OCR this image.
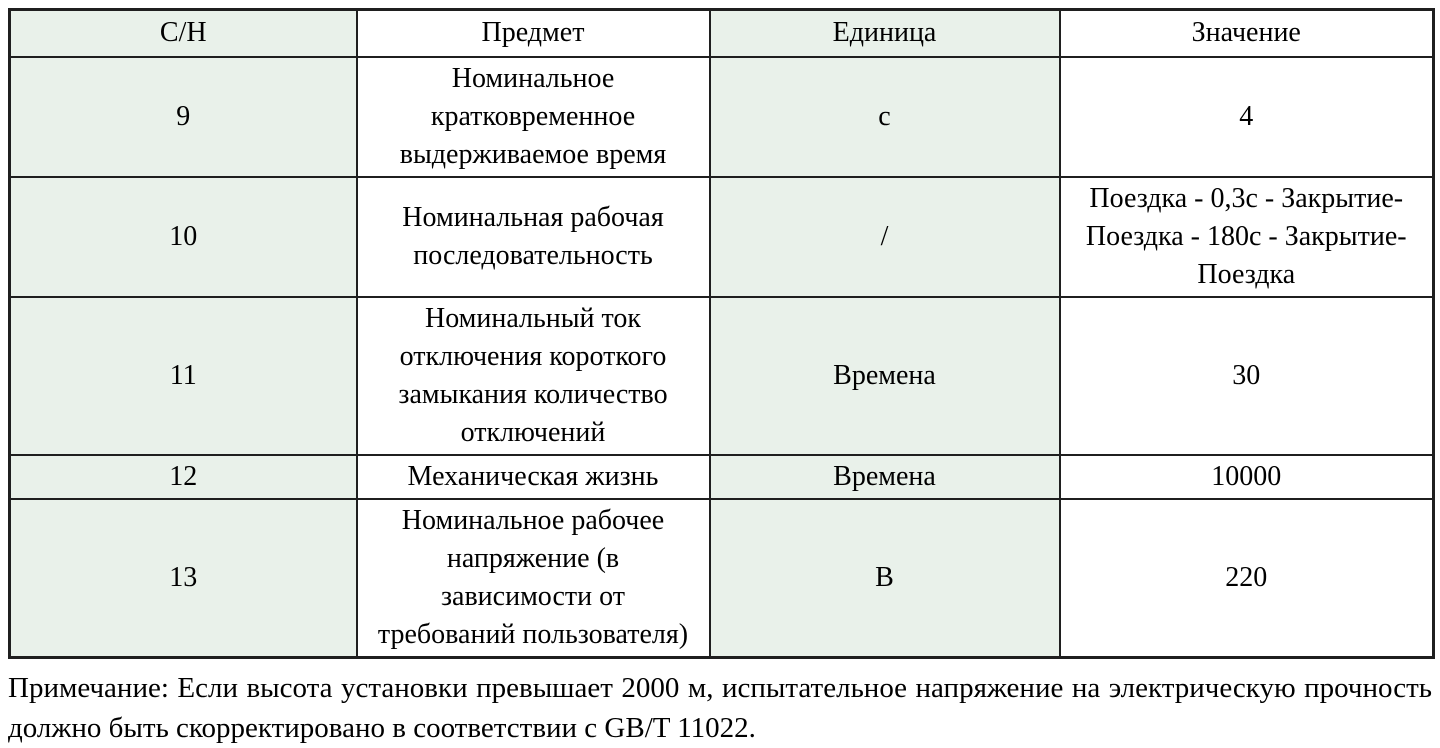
С/Н	Предмет	Единица	Значение
9	Номинальное кратковременное выдерживаемое время	с	4
10	Номинальная рабочая последовательность	/	Поездка - 0,3с - Закрытие-Поездка - 180с - Закрытие-Поездка
11	Номинальный ток отключения короткого замыкания количество отключений	Времена	30
12	Механическая жизнь	Времена	10000
13	Номинальное рабочее напряжение (в зависимости от требований пользователя)	В	220

Примечание: Если высота установки превышает 2000 м, испытательное напряжение на электрическую прочность должно быть скорректировано в соответствии с GB/T 11022.
